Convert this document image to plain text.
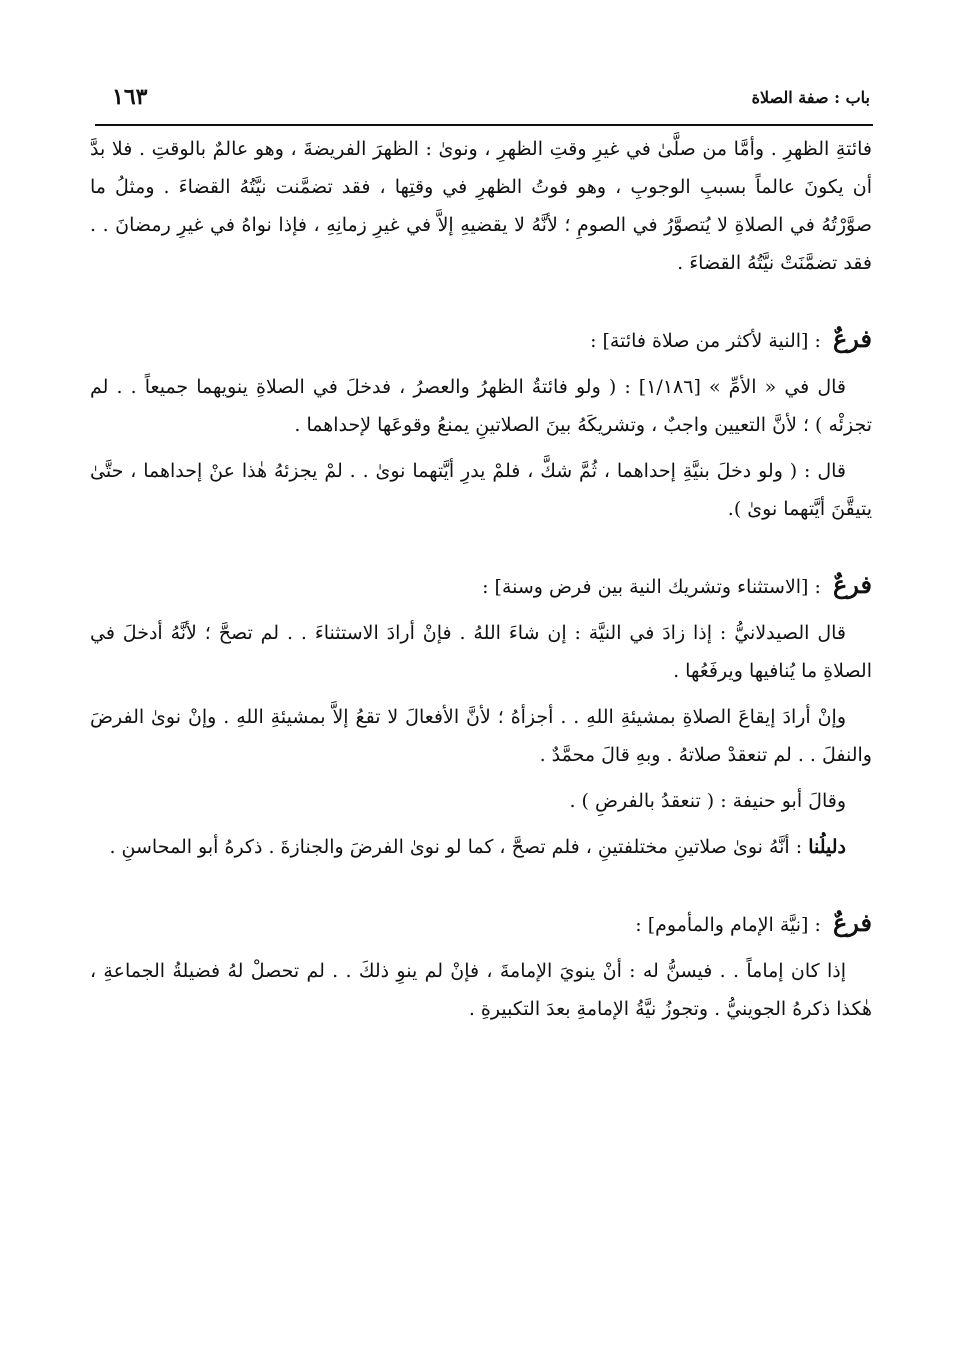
باب : صفة الصلاة
١٦٣

فائتةِ الظهرِ . وأمَّا من صلَّىٰ في غيرِ وقتِ الظهرِ ، ونوىٰ : الظهرَ الفريضةَ ، وهو عالمٌ بالوقتِ . فلا بدَّ أن يكونَ عالماً بسببِ الوجوبِ ، وهو فوتُ الظهرِ في وقتِها ، فقد تضمَّنت نيَّتُهُ القضاءَ . ومثلُ ما صوَّرْتُهُ في الصلاةِ لا يُتصوَّرُ في الصومِ ؛ لأنَّهُ لا يقضيهِ إلاَّ في غيرِ زمانِهِ ، فإذا نواهُ في غيرِ رمضانَ . . فقد تضمَّنَتْ نيَّتُهُ القضاءَ .

فرعٌ : [النية لأكثر من صلاة فائتة] :

قال في « الأمِّ » [١/١٨٦] : ( ولو فائتةُ الظهرُ والعصرُ ، فدخلَ في الصلاةِ ينويهما جميعاً . . لم تجزئْه ) ؛ لأنَّ التعيين واجبٌ ، وتشريكَهُ بينَ الصلاتينِ يمنعُ وقوعَها لإحداهما .

قال : ( ولو دخلَ بنيَّةِ إحداهما ، ثُمَّ شكَّ ، فلمْ يدرِ أيَّتهما نوىٰ . . لمْ يجزئهُ هٰذا عنْ إحداهما ، حتَّىٰ يتيقَّنَ أيَّتهما نوىٰ ).

فرعٌ : [الاستثناء وتشريك النية بين فرض وسنة] :

قال الصيدلانيُّ : إذا زادَ في النيَّة : إن شاءَ اللهُ . فإنْ أرادَ الاستثناءَ . . لم تصحَّ ؛ لأنَّهُ أدخلَ في الصلاةِ ما يُنافيها ويرفَعُها .

وإنْ أرادَ إيقاعَ الصلاةِ بمشيئةِ اللهِ . . أجزأهُ ؛ لأنَّ الأفعالَ لا تقعُ إلاَّ بمشيئةِ اللهِ . وإنْ نوىٰ الفرضَ والنفلَ . . لم تنعقدْ صلاتهُ . وبهِ قالَ محمَّدٌ .

وقالَ أبو حنيفة : ( تنعقدُ بالفرضِ ) .

دليلُنا : أنَّهُ نوىٰ صلاتينِ مختلفتينِ ، فلم تصحَّ ، كما لو نوىٰ الفرضَ والجنازةَ . ذكرهُ أبو المحاسنِ .

فرعٌ : [نيَّة الإمام والمأموم] :

إذا كان إماماً . . فيسنُّ له : أنْ ينويَ الإمامةَ ، فإنْ لم ينوِ ذلكَ . . لم تحصلْ لهُ فضيلةُ الجماعةِ ، هٰكذا ذكرهُ الجوينيُّ . وتجوزُ نيَّةُ الإمامةِ بعدَ التكبيرةِ .
